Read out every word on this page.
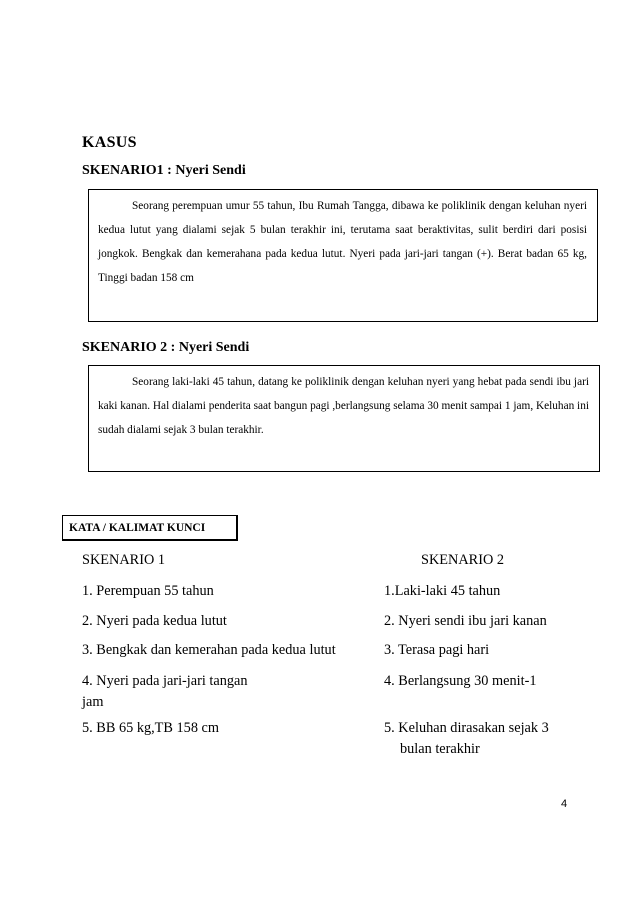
KASUS
SKENARIO1 : Nyeri Sendi

Seorang perempuan umur 55 tahun, Ibu Rumah Tangga, dibawa ke poliklinik dengan keluhan nyeri kedua lutut yang dialami sejak 5 bulan terakhir ini, terutama saat beraktivitas, sulit berdiri dari posisi jongkok. Bengkak dan kemerahana pada kedua lutut. Nyeri pada jari-jari tangan (+). Berat badan 65 kg, Tinggi badan 158 cm

SKENARIO 2 : Nyeri Sendi

Seorang laki-laki 45 tahun, datang ke poliklinik dengan keluhan nyeri yang hebat pada sendi ibu jari kaki kanan. Hal dialami penderita saat bangun pagi ,berlangsung selama 30 menit sampai 1 jam, Keluhan ini sudah dialami sejak 3 bulan terakhir.

KATA / KALIMAT KUNCI
SKENARIO 1	SKENARIO 2
1. Perempuan 55 tahun
2. Nyeri pada kedua lutut
3. Bengkak dan kemerahan pada kedua lutut
4. Nyeri pada jari-jari tangan
jam
5. BB 65 kg,TB 158 cm
1.Laki-laki 45 tahun
2. Nyeri sendi ibu jari kanan
3. Terasa pagi hari
4. Berlangsung 30 menit-1
5. Keluhan dirasakan sejak 3
bulan terakhir
4
